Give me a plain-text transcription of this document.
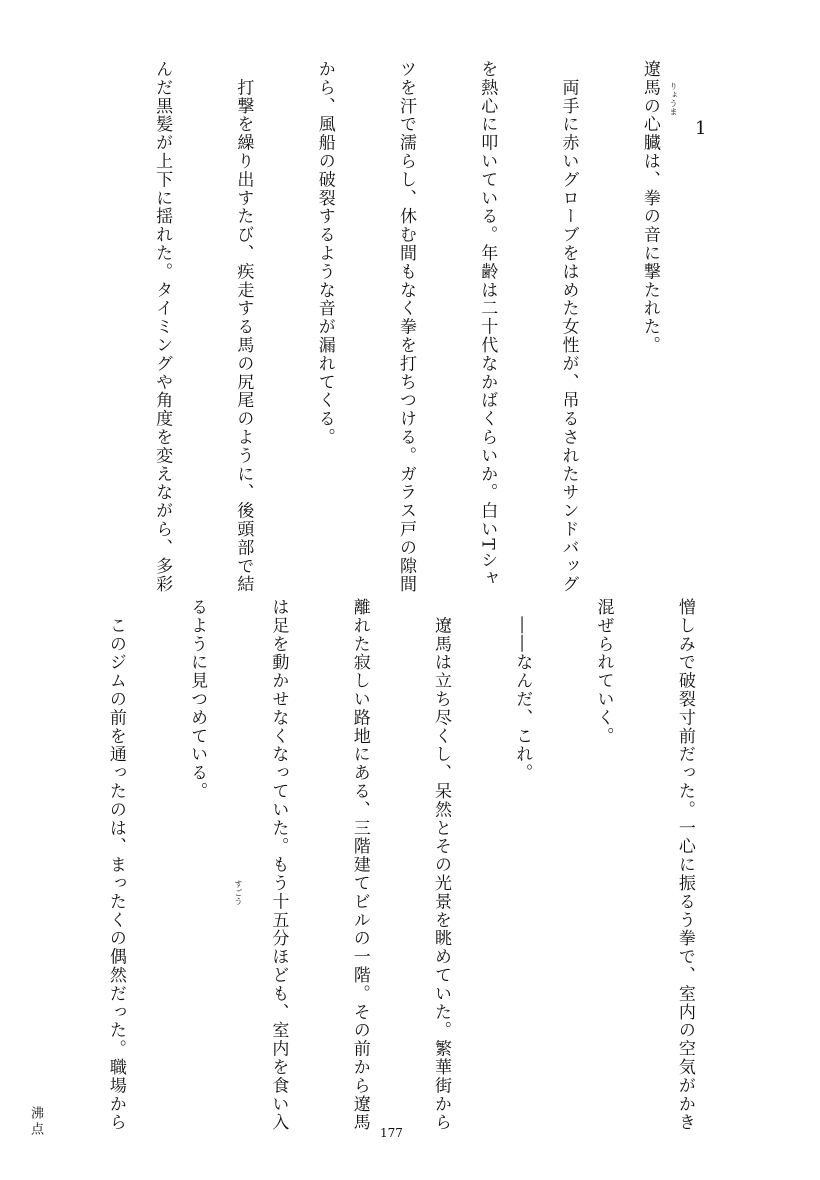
1
りょうま
すごう

遼馬の心臓は、拳の音に撃たれた。

　両手に赤いグローブをはめた女性が、吊るされたサンドバッグ

を熱心に叩いている。年齢は二十代なかばくらいか。白いTシャ

ツを汗で濡らし、休む間もなく拳を打ちつける。ガラス戸の隙間

から、風船の破裂するような音が漏れてくる。

　打撃を繰り出すたび、疾走する馬の尻尾のように、後頭部で結

んだ黒髪が上下に揺れた。タイミングや角度を変えながら、多彩

憎しみで破裂寸前だった。一心に振るう拳で、室内の空気がかき

混ぜられていく。

　――なんだ、これ。

　遼馬は立ち尽くし、呆然とその光景を眺めていた。繁華街から

離れた寂しい路地にある、三階建てビルの一階。その前から遼馬

は足を動かせなくなっていた。もう十五分ほども、室内を食い入

るように見つめている。

　このジムの前を通ったのは、まったくの偶然だった。職場から

沸点	177
